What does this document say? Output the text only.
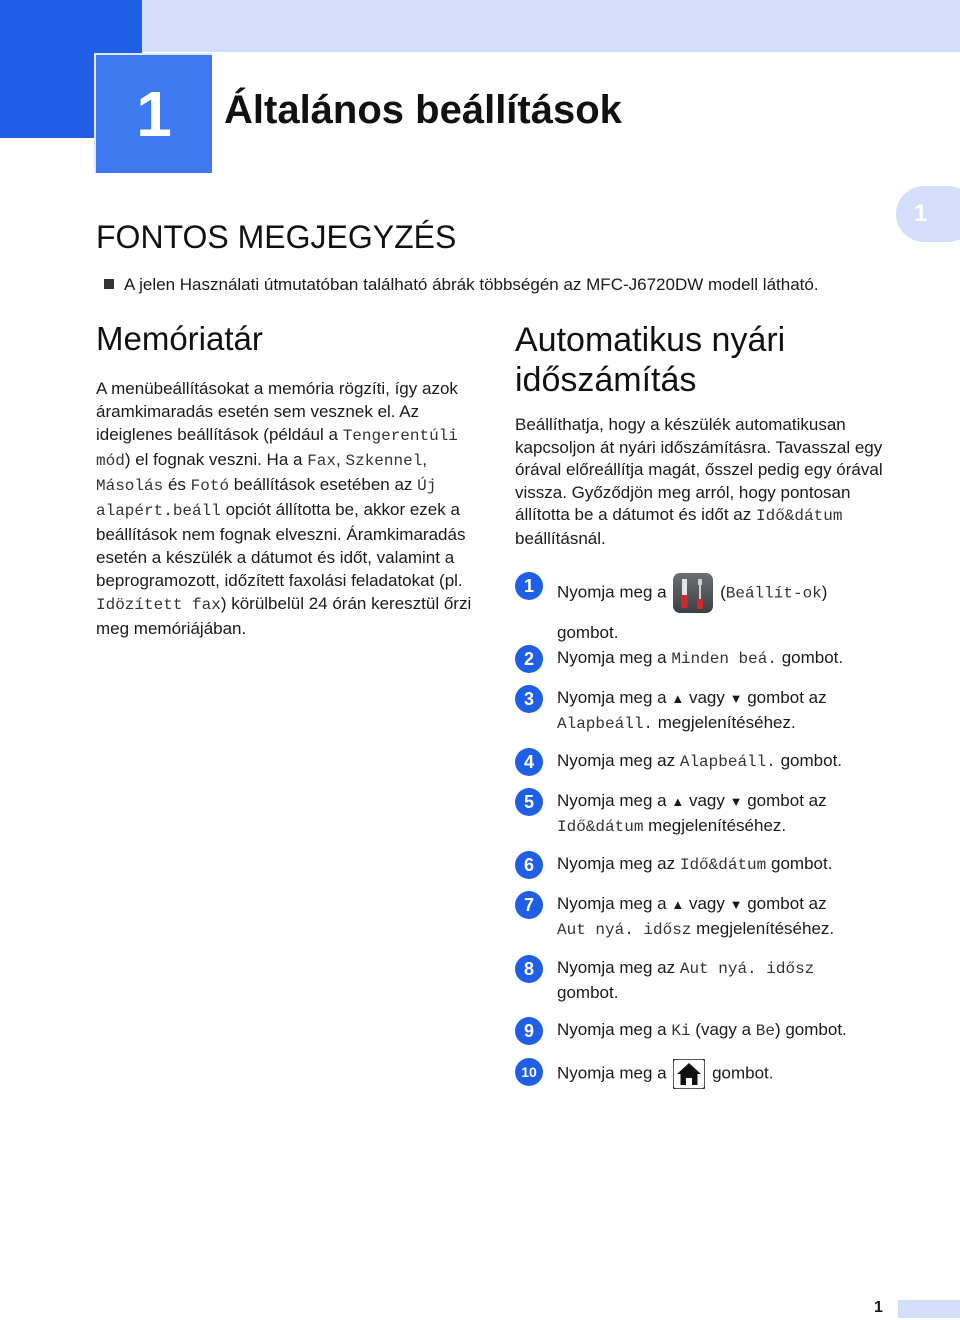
1	Általános beállítások
1
FONTOS MEGJEGYZÉS
A jelen Használati útmutatóban található ábrák többségén az MFC-J6720DW modell látható.
Memóriatár

A menübeállításokat a memória rögzíti, így azok áramkimaradás esetén sem vesznek el. Az ideiglenes beállítások (például a Tengerentúli mód) el fognak veszni. Ha a Fax, Szkennel, Másolás és Fotó beállítások esetében az Új alapért.beáll opciót állította be, akkor ezek a beállítások nem fognak elveszni. Áramkimaradás esetén a készülék a dátumot és időt, valamint a beprogramozott, időzített faxolási feladatokat (pl. Idözített fax) körülbelül 24 órán keresztül őrzi meg memóriájában.

Automatikus nyári időszámítás

Beállíthatja, hogy a készülék automatikusan kapcsoljon át nyári időszámításra. Tavasszal egy órával előreállítja magát, ősszel pedig egy órával vissza. Győződjön meg arról, hogy pontosan állította be a dátumot és időt az Idő&dátum beállításnál.

1	Nyomja meg a	(Beállít-ok)
gombot.
2	Nyomja meg a Minden beá. gombot.
3	Nyomja meg a ▲ vagy ▼ gombot az
Alapbeáll. megjelenítéséhez.
4	Nyomja meg az Alapbeáll. gombot.
5	Nyomja meg a ▲ vagy ▼ gombot az
Idő&dátum megjelenítéséhez.
6	Nyomja meg az Idő&dátum gombot.
7	Nyomja meg a ▲ vagy ▼ gombot az
Aut nyá. idősz megjelenítéséhez.
8	Nyomja meg az Aut nyá. idősz
gombot.
9	Nyomja meg a Ki (vagy a Be) gombot.
10	Nyomja meg a	gombot.
1
